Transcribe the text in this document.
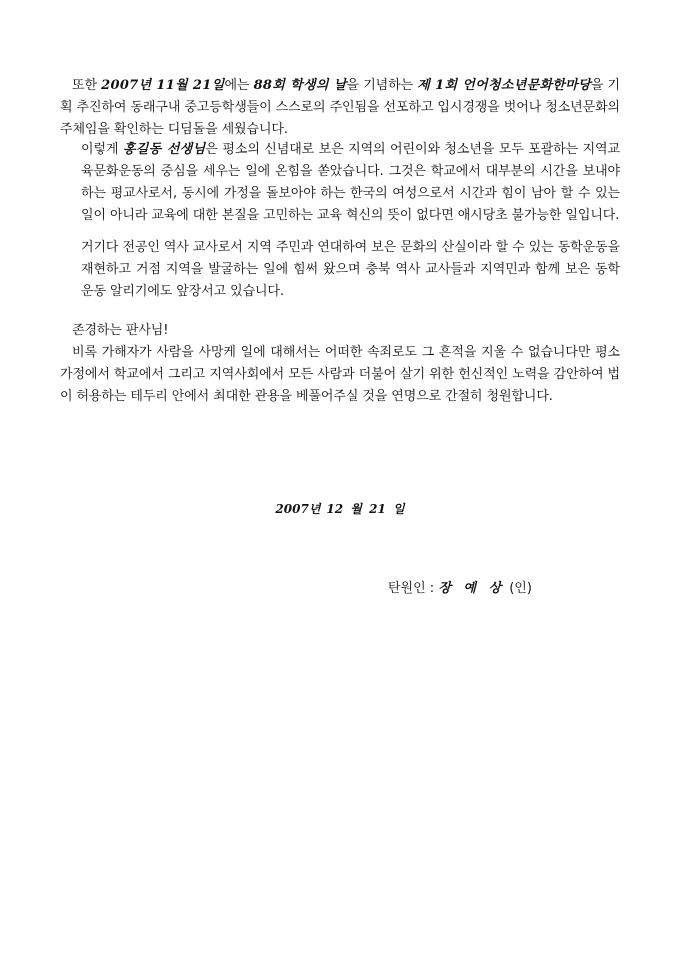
또한 2007년 11월 21일에는 88회 학생의 날을 기념하는 제 1회 언어청소년문화한마당을 기획 추진하여 동래구내 중고등학생들이 스스로의 주인됨을 선포하고 입시경쟁을 벗어나 청소년문화의 주체임을 확인하는 디딤돌을 세웠습니다.

이렇게 홍길동 선생님은 평소의 신념대로 보은 지역의 어린이와 청소년을 모두 포괄하는 지역교육문화운동의 중심을 세우는 일에 온힘을 쏟았습니다. 그것은 학교에서 대부분의 시간을 보내야 하는 평교사로서, 동시에 가정을 돌보아야 하는 한국의 여성으로서 시간과 힘이 남아 할 수 있는 일이 아니라 교육에 대한 본질을 고민하는 교육 혁신의 뜻이 없다면 애시당초 불가능한 일입니다.

거기다 전공인 역사 교사로서 지역 주민과 연대하여 보은 문화의 산실이라 할 수 있는 동학운동을 재현하고 거점 지역을 발굴하는 일에 힘써 왔으며 충북 역사 교사들과 지역민과 함께 보은 동학 운동 알리기에도 앞장서고 있습니다.

존경하는 판사님!

비록 가해자가 사람을 사망케 일에 대해서는 어떠한 속죄로도 그 흔적을 지울 수 없습니다만 평소 가정에서 학교에서 그리고 지역사회에서 모든 사람과 더불어 살기 위한 헌신적인 노력을 감안하여 법이 허용하는 테두리 안에서 최대한 관용을 베풀어주실 것을 연명으로 간절히 청원합니다.

2007년 12 월 21 일
탄원인 : 장 예 상 (인)
